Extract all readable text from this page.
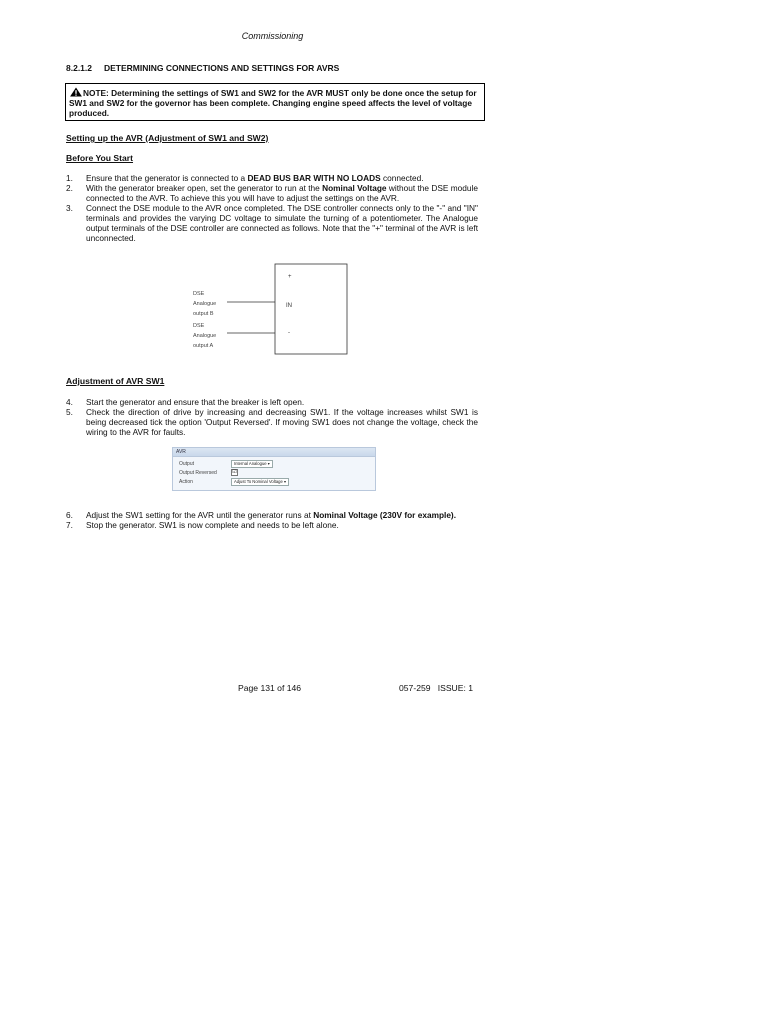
Commissioning
8.2.1.2 DETERMINING CONNECTIONS AND SETTINGS FOR AVRS
NOTE: Determining the settings of SW1 and SW2 for the AVR MUST only be done once the setup for SW1 and SW2 for the governor has been complete. Changing engine speed affects the level of voltage produced.
Setting up the AVR (Adjustment of SW1 and SW2)
Before You Start
1.	Ensure that the generator is connected to a DEAD BUS BAR WITH NO LOADS connected.
2.	With the generator breaker open, set the generator to run at the Nominal Voltage without the DSE module connected to the AVR. To achieve this you will have to adjust the settings on the AVR.
3.	Connect the DSE module to the AVR once completed. The DSE controller connects only to the "-" and "IN" terminals and provides the varying DC voltage to simulate the turning of a potentiometer. The Analogue output terminals of the DSE controller are connected as follows. Note that the "+" terminal of the AVR is left unconnected.
+
IN
-
DSE
Analogue
output B
DSE
Analogue
output A
Adjustment of AVR SW1
4.	Start the generator and ensure that the breaker is left open.
5.	Check the direction of drive by increasing and decreasing SW1. If the voltage increases whilst SW1 is being decreased tick the option 'Output Reversed'. If moving SW1 does not change the voltage, check the wiring to the AVR for faults.
AVR
Output	Internal Analogue ▾
Output Reversed	☑
Action	Adjust To Nominal Voltage ▾
6.	Adjust the SW1 setting for the AVR until the generator runs at Nominal Voltage (230V for example).
7.	Stop the generator. SW1 is now complete and needs to be left alone.
Page 131 of 146	057-259   ISSUE: 1
